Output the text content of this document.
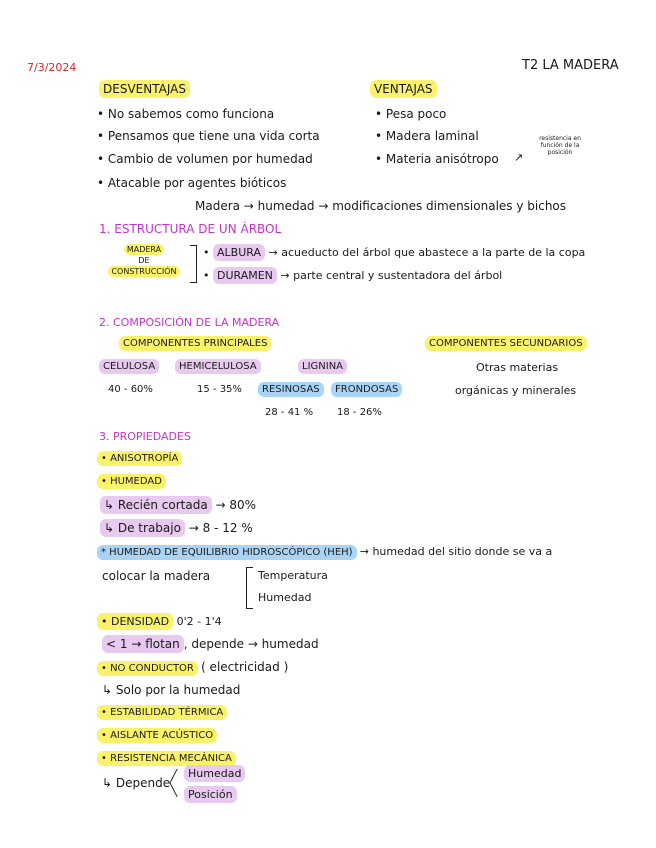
7/3/2024	T2 LA MADERA
DESVENTAJAS
• No sabemos como funciona
• Pensamos que tiene una vida corta
• Cambio de volumen por humedad
• Atacable por agentes bióticos
VENTAJAS
• Pesa poco
• Madera laminal
• Materia anisótropo ↗
resistencia en
función de la
posición
Madera → humedad → modificaciones dimensionales y bichos
1. ESTRUCTURA DE UN ÁRBOL
MADERA
DE
CONSTRUCCIÓN
• ALBURA → acueducto del árbol que abastece a la parte de la copa
• DURAMEN → parte central y sustentadora del árbol
2. COMPOSICIÓN DE LA MADERA
COMPONENTES PRINCIPALES	COMPONENTES SECUNDARIOS
CELULOSA	HEMICELULOSA	LIGNINA	Otras materias
40 - 60%	15 - 35%	RESINOSAS	FRONDOSAS	orgánicas y minerales
28 - 41 % 18 - 26%
3. PROPIEDADES
• ANISOTROPÍA
• HUMEDAD
↳ Recién cortada → 80%
↳ De trabajo → 8 - 12 %
* HUMEDAD DE EQUILIBRIO HIDROSCÓPICO (HEH) → humedad del sitio donde se va a
colocar la madera	Temperatura
Humedad
• DENSIDAD 0'2 - 1'4
< 1 → flotan , depende → humedad
• NO CONDUCTOR ( electricidad )
↳ Solo por la humedad
• ESTABILIDAD TÉRMICA
• AISLANTE ACÚSTICO
• RESISTENCIA MECÁNICA
↳ Depende ╱
╲
Humedad
Posición
